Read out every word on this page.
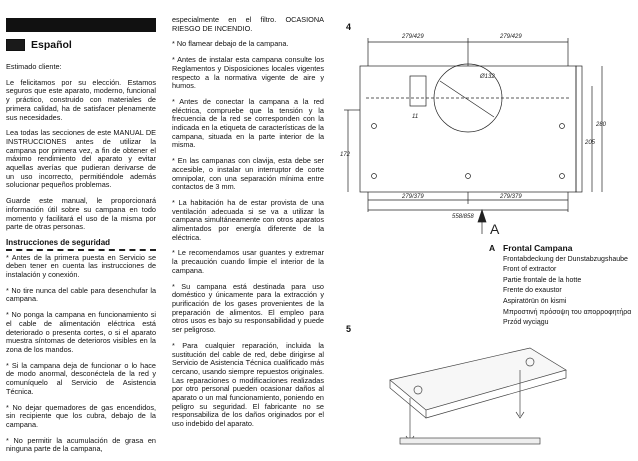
Español

Estimado cliente:

Le felicitamos por su elección. Estamos seguros que este aparato, moderno, funcional y práctico, construido con materiales de primera calidad, ha de satisfacer plenamente sus necesidades.

Lea todas las secciones de este MANUAL DE INSTRUCCIONES antes de utilizar la campana por primera vez, a fin de obtener el máximo rendimiento del aparato y evitar aquellas averías que pudieran derivarse de un uso incorrecto, permitiéndole además solucionar pequeños problemas.

Guarde este manual, le proporcionará información útil sobre su campana en todo momento y facilitará el uso de la misma por parte de otras personas.

Instrucciones de seguridad

* Antes de la primera puesta en Servicio se deben tener en cuenta las instrucciones de instalación y conexión.

* No tire nunca del cable para desenchufar la campana.

* No ponga la campana en funcionamiento si el cable de alimentación eléctrica está deteriorado o presenta cortes, o si el aparato muestra síntomas de deterioros visibles en la zona de los mandos.

* Si la campana deja de funcionar o lo hace de modo anormal, desconéctela de la red y comuníquelo al Servicio de Asistencia Técnica.

* No dejar quemadores de gas encendidos, sin recipiente que los cubra, debajo de la campana.

* No permitir la acumulación de grasa en ninguna parte de la campana,

especialmente en el filtro. OCASIONA RIESGO DE INCENDIO.

* No flamear debajo de la campana.

* Antes de instalar esta campana consulte los Reglamentos y Disposiciones locales vigentes respecto a la normativa vigente de aire y humos.

* Antes de conectar la campana a la red eléctrica, compruebe que la tensión y la frecuencia de la red se corresponden con la indicada en la etiqueta de características de la campana, situada en la parte interior de la misma.

* En las campanas con clavija, esta debe ser accesible, o instalar un interruptor de corte omnipolar, con una separación mínima entre contactos de 3 mm.

* La habitación ha de estar provista de una ventilación adecuada si se va a utilizar la campana simultáneamente con otros aparatos alimentados por energía diferente de la eléctrica.

* Le recomendamos usar guantes y extremar la precaución cuando limpie el interior de la campana.

* Su campana está destinada para uso doméstico y únicamente para la extracción y purificación de los gases provenientes de la preparación de alimentos. El empleo para otros usos es bajo su responsabilidad y puede ser peligroso.

* Para cualquier reparación, incluida la sustitución del cable de red, debe dirigirse al Servicio de Asistencia Técnica cualificado más cercano, usando siempre repuestos originales. Las reparaciones o modificaciones realizadas por otro personal pueden ocasionar daños al aparato o un mal funcionamiento, poniendo en peligro su seguridad. El fabricante no se responsabiliza de los daños originados por el uso indebido del aparato.

4
279/429	279/429
172
11
Ø132
205
280
279/379	279/379
558/858
A
A Frontal Campana
Frontabdeckung der Dunstabzugshaube
Front of extractor
Partie frontale de la hotte
Frente do exaustor
Aspiratörün ön kismi
Μπροστινή πρόσοψη του απορροφητήρα
Przód wyciągu
5
